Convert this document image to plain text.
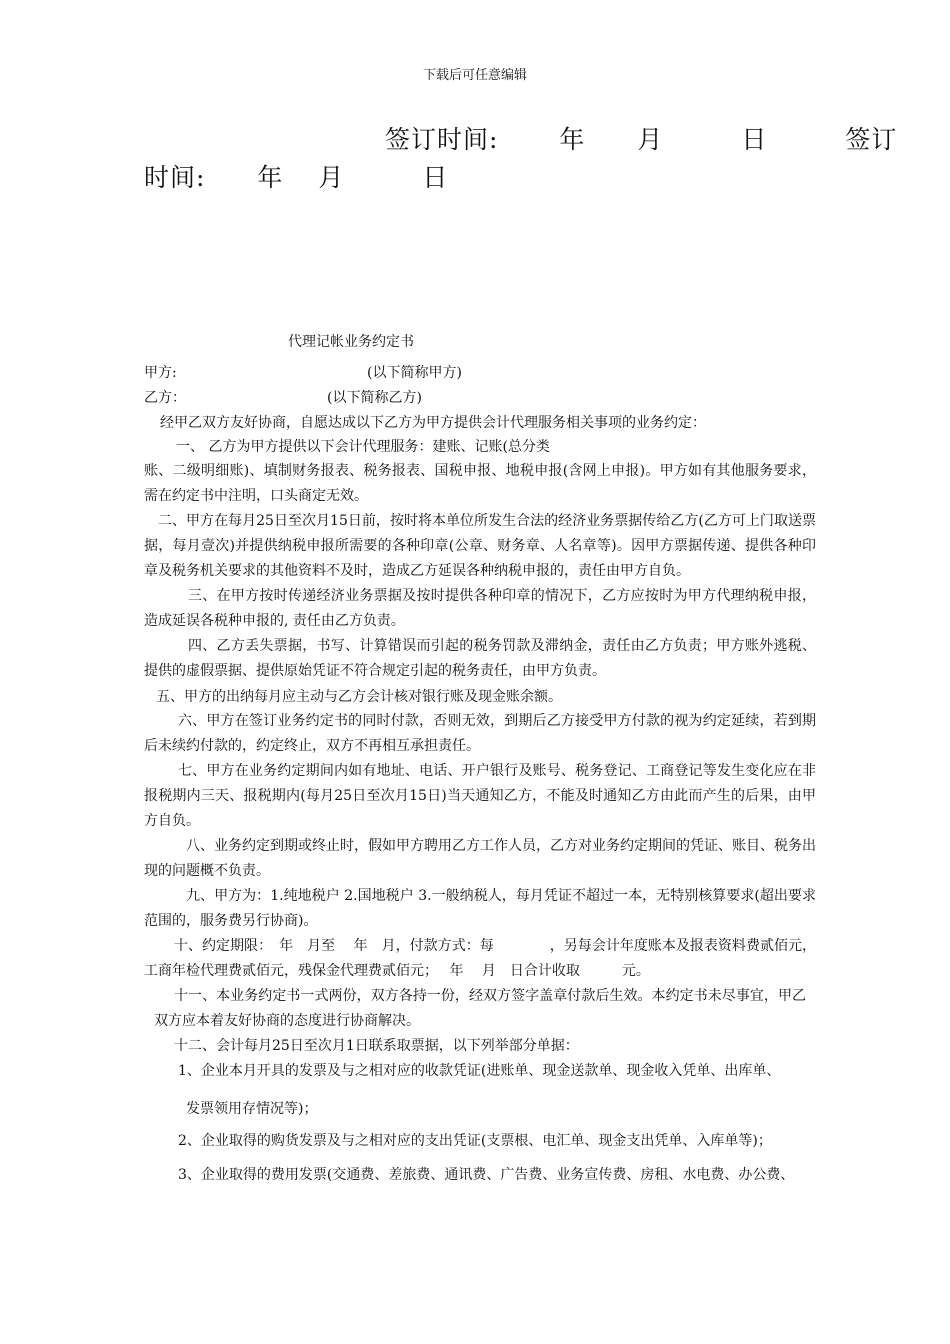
下载后可任意编辑
签订时间:　　 年　　月　　　日　　　签订
时间:　　年　 月　　　日
代理记帐业务约定书
甲方:	(以下简称甲方)
乙方：	(以下简称乙方)
经甲乙双方友好协商，自愿达成以下乙方为甲方提供会计代理服务相关事项的业务约定：
一、 乙方为甲方提供以下会计代理服务：建账、记账(总分类
账、二级明细账)、填制财务报表、税务报表、国税申报、地税申报(含网上申报)。甲方如有其他服务要求，需在约定书中注明，口头商定无效。
二、甲方在每月25日至次月15日前，按时将本单位所发生合法的经济业务票据传给乙方(乙方可上门取送票据，每月壹次)并提供纳税申报所需要的各种印章(公章、财务章、人名章等)。因甲方票据传递、提供各种印章及税务机关要求的其他资料不及时，造成乙方延误各种纳税申报的，责任由甲方自负。
三、在甲方按时传递经济业务票据及按时提供各种印章的情况下，乙方应按时为甲方代理纳税申报，造成延误各税种申报的, 责任由乙方负责。
四、乙方丢失票据，书写、计算错误而引起的税务罚款及滞纳金，责任由乙方负责；甲方账外逃税、提供的虚假票据、提供原始凭证不符合规定引起的税务责任，由甲方负责。
五、甲方的出纳每月应主动与乙方会计核对银行账及现金账余额。
六、甲方在签订业务约定书的同时付款，否则无效，到期后乙方接受甲方付款的视为约定延续，若到期后未续约付款的，约定终止，双方不再相互承担责任。
七、甲方在业务约定期间内如有地址、电话、开户银行及账号、税务登记、工商登记等发生变化应在非报税期内三天、报税期内(每月25日至次月15日)当天通知乙方，不能及时通知乙方由此而产生的后果，由甲方自负。
八、业务约定到期或终止时，假如甲方聘用乙方工作人员，乙方对业务约定期间的凭证、账目、税务出现的问题概不负责。
九、甲方为：1.纯地税户 2.国地税户 3.一般纳税人，每月凭证不超过一本，无特别核算要求(超出要求范围的，服务费另行协商)。
十、约定期限：　年　月至　 年　月，付款方式：每　　　　，另每会计年度账本及报表资料费贰佰元，工商年检代理费贰佰元，残保金代理费贰佰元；　 年　 月　日合计收取　　　元。
十一、本业务约定书一式两份，双方各持一份，经双方签字盖章付款后生效。本约定书未尽事宜，甲乙双方应本着友好协商的态度进行协商解决。
十二、会计每月25日至次月1日联系取票据，以下列举部分单据：
1、企业本月开具的发票及与之相对应的收款凭证(进账单、现金送款单、现金收入凭单、出库单、
发票领用存情况等)；
2、企业取得的购货发票及与之相对应的支出凭证(支票根、电汇单、现金支出凭单、入库单等)；
3、企业取得的费用发票(交通费、差旅费、通讯费、广告费、业务宣传费、房租、水电费、办公费、
